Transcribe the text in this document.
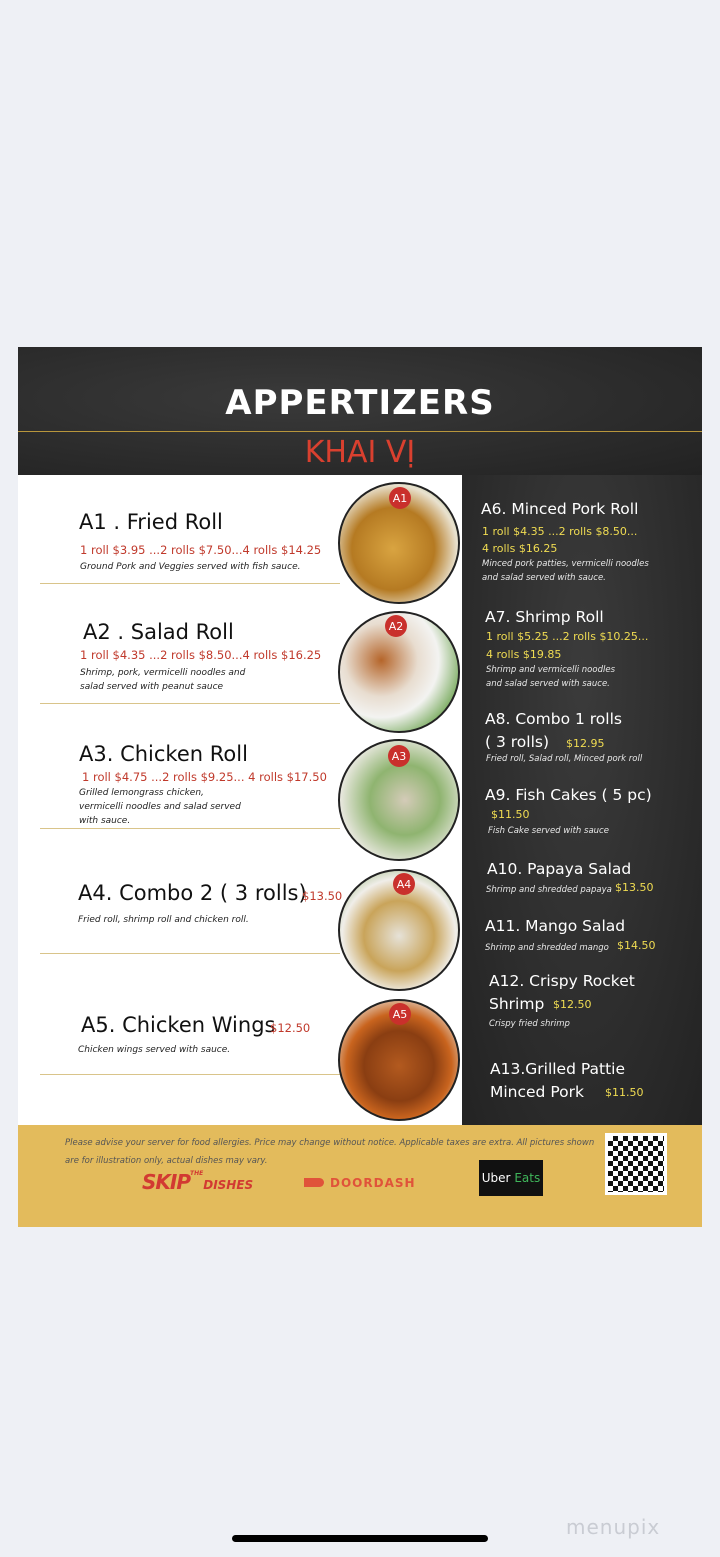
APPERTIZERS
KHAI VỊ
A1 . Fried Roll
1 roll $3.95 ...2 rolls $7.50...4 rolls $14.25
Ground Pork and Veggies served with fish sauce.
A2 . Salad Roll
1 roll $4.35 ...2 rolls $8.50...4 rolls $16.25
Shrimp, pork, vermicelli noodles and salad served with peanut sauce
A3. Chicken Roll
1 roll $4.75 ...2 rolls $9.25... 4 rolls $17.50
Grilled lemongrass chicken, vermicelli noodles and salad served with sauce.
A4. Combo 2 ( 3 rolls)
$13.50
Fried roll, shrimp roll and chicken roll.
A5. Chicken Wings
$12.50
Chicken wings served with sauce.
A1
A2
A3
A4
A5
A6. Minced Pork Roll
1 roll $4.35 ...2 rolls $8.50...
4 rolls $16.25
Minced pork patties, vermicelli noodles
and salad served with sauce.
A7. Shrimp Roll
1 roll $5.25 ...2 rolls $10.25...
4 rolls $19.85
Shrimp and vermicelli noodles
and salad served with sauce.
A8. Combo 1 rolls
( 3 rolls) $12.95
Fried roll, Salad roll, Minced pork roll
A9. Fish Cakes ( 5 pc)
$11.50
Fish Cake served with sauce
A10. Papaya Salad
Shrimp and shredded papaya $13.50
A11. Mango Salad
Shrimp and shredded mango $14.50
A12. Crispy Rocket
Shrimp $12.50
Crispy fried shrimp
A13.Grilled Pattie
Minced Pork $11.50
Please advise your server for food allergies. Price may change without notice. Applicable taxes are extra. All pictures shown are for illustration only, actual dishes may vary.
$SKIP^{THE}DISHES$	DOORDASH	Uber
Eats
menupix
